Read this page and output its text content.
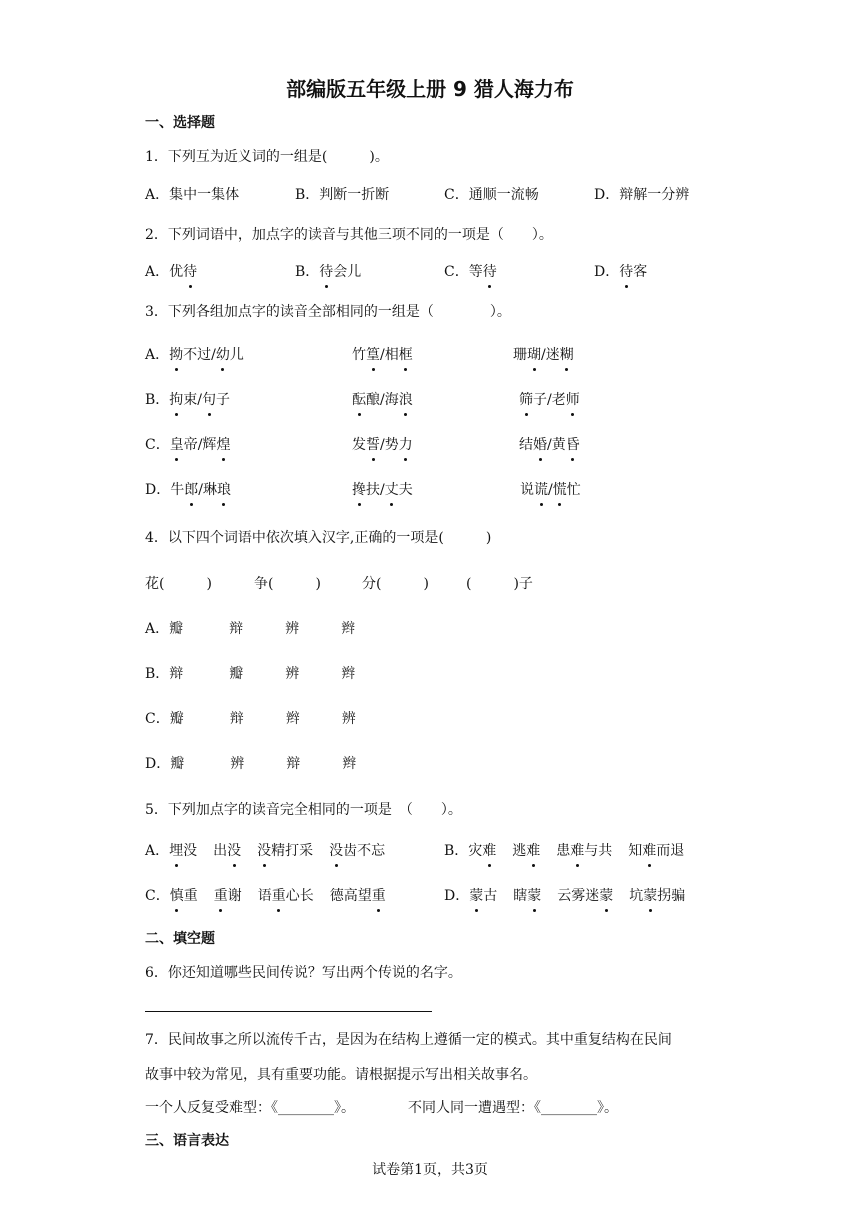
部编版五年级上册 9 猎人海力布
一、选择题
1．下列互为近义词的一组是(　　　)。
A．集中一集体	B．判断一折断	C．通顺一流畅	D．辩解一分辨
2．下列词语中，加点字的读音与其他三项不同的一项是（　　）。
A．优待	B．待会儿	C．等待	D．待客
3．下列各组加点字的读音全部相同的一组是（　　　　）。
A．拗不过/幼儿	竹篁/相框	珊瑚/迷糊
B．拘束/句子	酝酿/海浪	筛子/老师
C．皇帝/辉煌	发誓/势力	结婚/黄昏
D．牛郎/琳琅	搀扶/丈夫	说谎/慌忙
4．以下四个词语中依次填入汉字,正确的一项是(　　　)
花(　　　)	争(　　　)	分(　　　)	(　　　)子
A．瓣	辩	辨	辫
B．辩	瓣	辨	辫
C．瓣	辩	辫	辨
D．瓣	辨	辩	辫
5．下列加点字的读音完全相同的一项是　（　　）。
A．埋没 出没 没精打采 没齿不忘	B．灾难 逃难 患难与共 知难而退
C．慎重 重谢 语重心长 德高望重	D．蒙古 瞎蒙 云雾迷蒙 坑蒙拐骗
二、填空题
6．你还知道哪些民间传说？写出两个传说的名字。
7．民间故事之所以流传千古，是因为在结构上遵循一定的模式。其中重复结构在民间
故事中较为常见，具有重要功能。请根据提示写出相关故事名。
一个人反复受难型：《________》。	不同人同一遭遇型：《________》。
三、语言表达
试卷第1页，共3页
